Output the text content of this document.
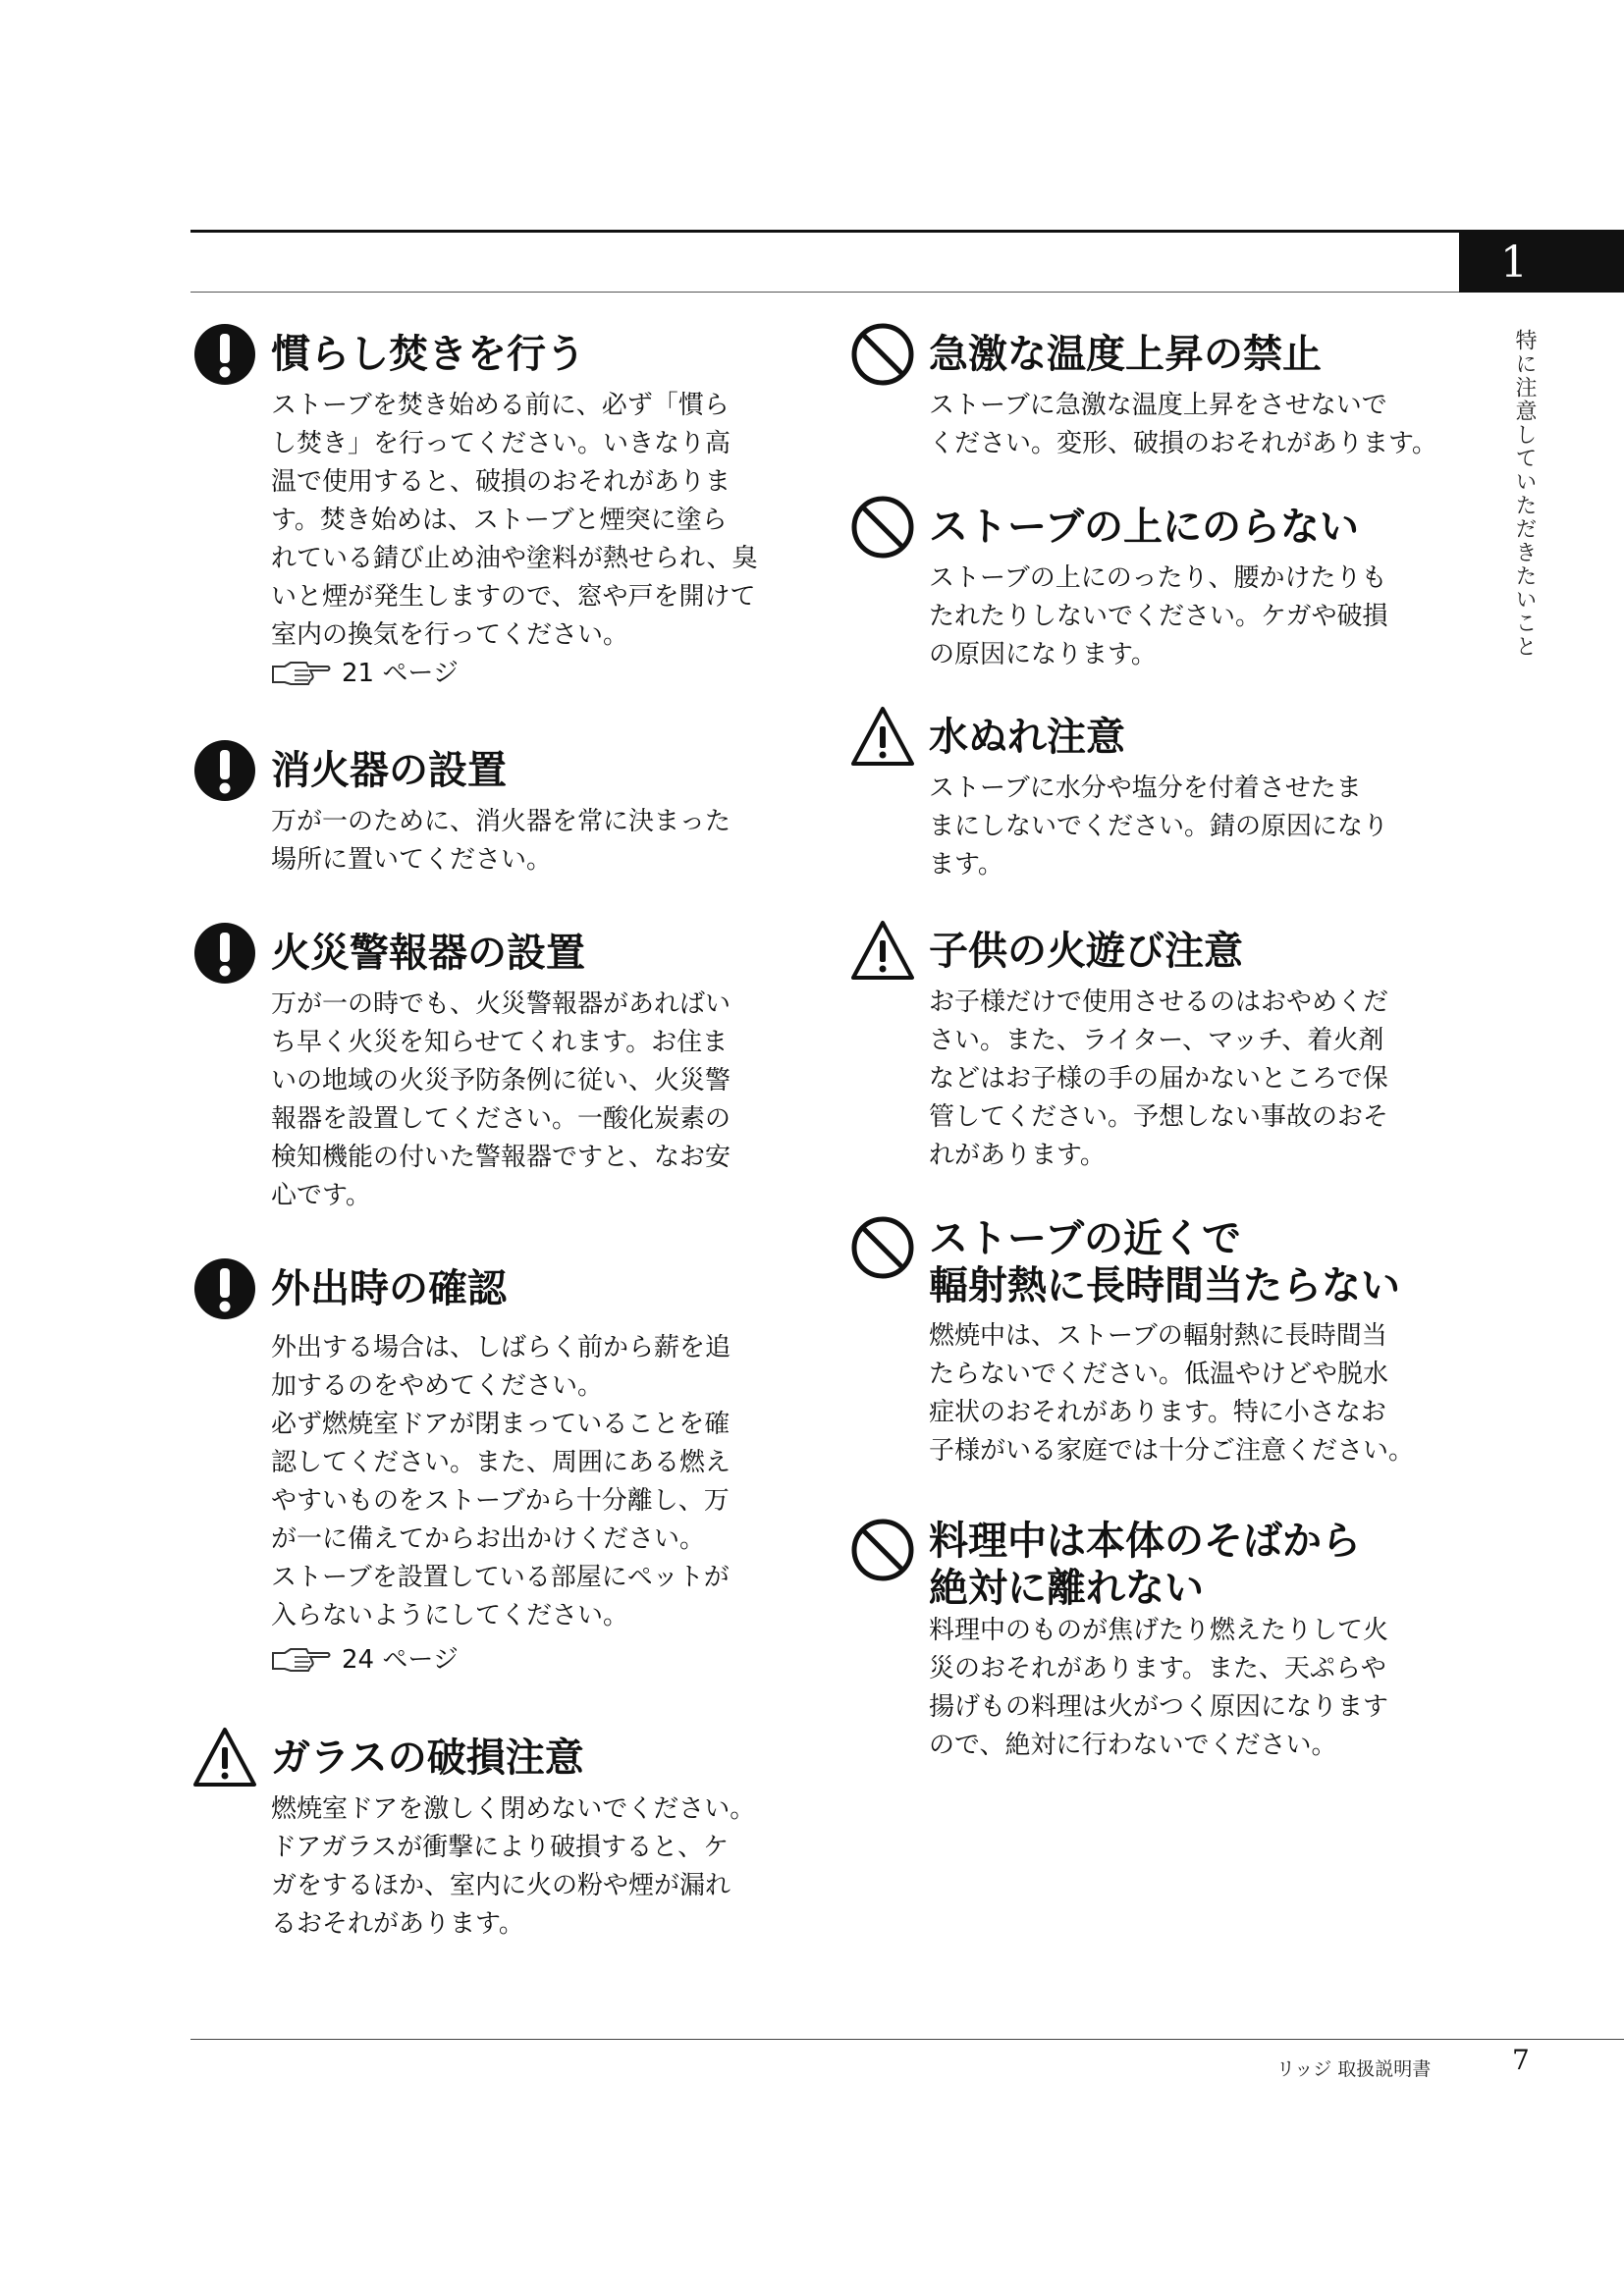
1
特に注意していただきたいこと
慣らし焚きを行う

ストーブを焚き始める前に、必ず「慣ら

し焚き」を行ってください。いきなり高

温で使用すると、破損のおそれがありま

す。焚き始めは、ストーブと煙突に塗ら

れている錆び止め油や塗料が熱せられ、臭

いと煙が発生しますので、窓や戸を開けて

室内の換気を行ってください。

21 ページ
消火器の設置

万が一のために、消火器を常に決まった

場所に置いてください。

火災警報器の設置

万が一の時でも、火災警報器があればい

ち早く火災を知らせてくれます。お住ま

いの地域の火災予防条例に従い、火災警

報器を設置してください。一酸化炭素の

検知機能の付いた警報器ですと、なお安

心です。

外出時の確認

外出する場合は、しばらく前から薪を追

加するのをやめてください。

必ず燃焼室ドアが閉まっていることを確

認してください。また、周囲にある燃え

やすいものをストーブから十分離し、万

が一に備えてからお出かけください。

ストーブを設置している部屋にペットが

入らないようにしてください。

24 ページ
ガラスの破損注意

燃焼室ドアを激しく閉めないでください。

ドアガラスが衝撃により破損すると、ケ

ガをするほか、室内に火の粉や煙が漏れ

るおそれがあります。

急激な温度上昇の禁止

ストーブに急激な温度上昇をさせないで

ください。変形、破損のおそれがあります。

ストーブの上にのらない

ストーブの上にのったり、腰かけたりも

たれたりしないでください。ケガや破損

の原因になります。

水ぬれ注意

ストーブに水分や塩分を付着させたま

まにしないでください。錆の原因になり

ます。

子供の火遊び注意

お子様だけで使用させるのはおやめくだ

さい。また、ライター、マッチ、着火剤

などはお子様の手の届かないところで保

管してください。予想しない事故のおそ

れがあります。

ストーブの近くで
輻射熱に長時間当たらない

燃焼中は、ストーブの輻射熱に長時間当

たらないでください。低温やけどや脱水

症状のおそれがあります。特に小さなお

子様がいる家庭では十分ご注意ください。

料理中は本体のそばから
絶対に離れない

料理中のものが焦げたり燃えたりして火

災のおそれがあります。また、天ぷらや

揚げもの料理は火がつく原因になります

ので、絶対に行わないでください。

リッジ 取扱説明書	7
